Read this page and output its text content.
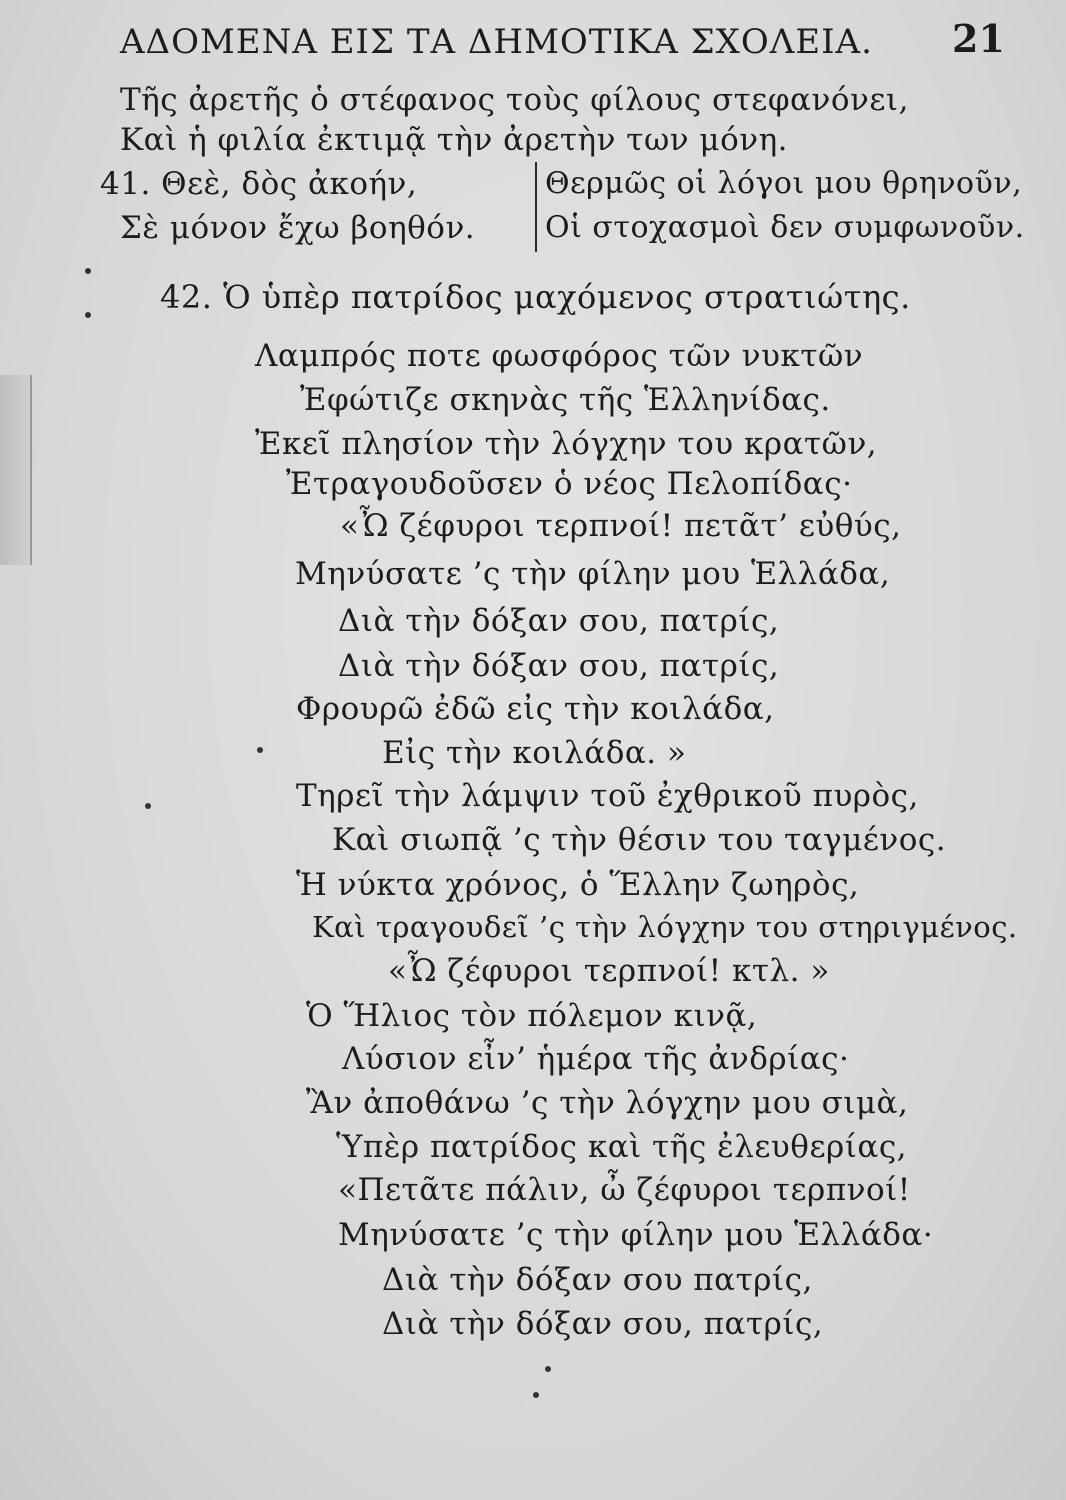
ΑΔΟΜΕΝΑ ΕΙΣ ΤΑ ΔΗΜΟΤΙΚΑ ΣΧΟΛΕΙΑ. 21
Τῆς ἀρετῆς ὁ στέφανος τοὺς φίλους στεφανόνει,
Καὶ ἡ φιλία ἐκτιμᾷ τὴν ἀρετὴν των μόνη.
41. Θεὲ, δὸς ἀκοήν,
Σὲ μόνον ἔχω βοηθόν.
Θερμῶς οἱ λόγοι μου θρηνοῦν,
Οἱ στοχασμοὶ δεν συμφωνοῦν.
42. Ὁ ὑπὲρ πατρίδος μαχόμενος στρατιώτης.
Λαμπρός ποτε φωσφόρος τῶν νυκτῶν
Ἐφώτιζε σκηνὰς τῆς Ἑλληνίδας.
Ἐκεῖ πλησίον τὴν λόγχην του κρατῶν,
Ἐτραγουδοῦσεν ὁ νέος Πελοπίδας·
«Ὦ ζέφυροι τερπνοί! πετᾶτ’ εὐθύς,
Μηνύσατε ’ς τὴν φίλην μου Ἑλλάδα,
Διὰ τὴν δόξαν σου, πατρίς,
Διὰ τὴν δόξαν σου, πατρίς,
Φρουρῶ ἐδῶ εἰς τὴν κοιλάδα,
Εἰς τὴν κοιλάδα. »
Τηρεῖ τὴν λάμψιν τοῦ ἐχθρικοῦ πυρὸς,
Καὶ σιωπᾷ ’ς τὴν θέσιν του ταγμένος.
Ἡ νύκτα χρόνος, ὁ Ἕλλην ζωηρὸς,
Καὶ τραγουδεῖ ’ς τὴν λόγχην του στηριγμένος.
«Ὦ ζέφυροι τερπνοί! κτλ. »
Ὁ Ἥλιος τὸν πόλεμον κινᾷ,
Λύσιον εἶν’ ἡμέρα τῆς ἀνδρίας·
Ἂν ἀποθάνω ’ς τὴν λόγχην μου σιμὰ,
Ὑπὲρ πατρίδος καὶ τῆς ἐλευθερίας,
«Πετᾶτε πάλιν, ὦ ζέφυροι τερπνοί!
Μηνύσατε ’ς τὴν φίλην μου Ἑλλάδα·
Διὰ τὴν δόξαν σου πατρίς,
Διὰ τὴν δόξαν σου, πατρίς,
